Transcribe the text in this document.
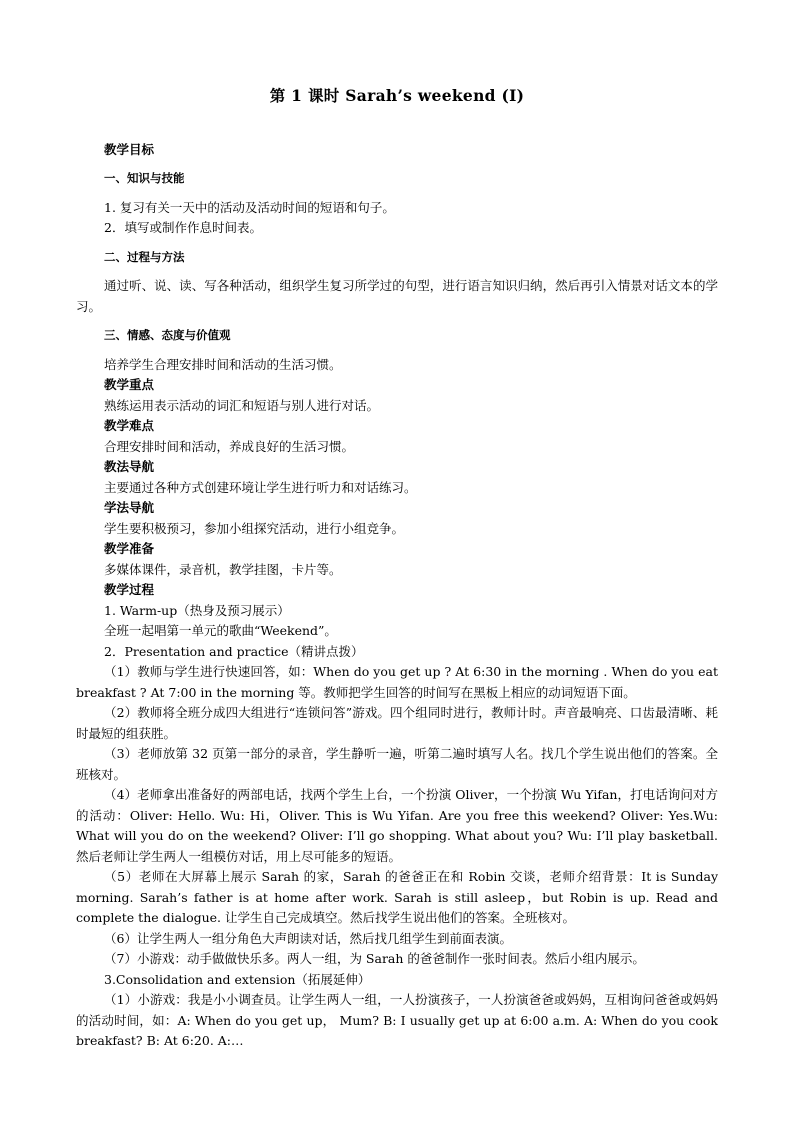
第 1 课时 Sarah’s weekend (I)
教学目标
一、知识与技能
1. 复习有关一天中的活动及活动时间的短语和句子。
2．填写或制作作息时间表。
二、过程与方法

通过听、说、读、写各种活动，组织学生复习所学过的句型，进行语言知识归纳，然后再引入情景对话文本的学习。

三、情感、态度与价值观
培养学生合理安排时间和活动的生活习惯。
教学重点
熟练运用表示活动的词汇和短语与别人进行对话。
教学难点
合理安排时间和活动，养成良好的生活习惯。
教法导航
主要通过各种方式创建环境让学生进行听力和对话练习。
学法导航
学生要积极预习，参加小组探究活动，进行小组竞争。
教学准备
多媒体课件，录音机，教学挂图，卡片等。
教学过程
1. Warm-up（热身及预习展示）
全班一起唱第一单元的歌曲“Weekend”。
2．Presentation and practice（精讲点拨）

（1）教师与学生进行快速回答，如：When do you get up ? At 6:30 in the morning . When do you eat breakfast ? At 7:00 in the morning 等。教师把学生回答的时间写在黑板上相应的动词短语下面。

（2）教师将全班分成四大组进行“连锁问答”游戏。四个组同时进行，教师计时。声音最响亮、口齿最清晰、耗时最短的组获胜。

（3）老师放第 32 页第一部分的录音，学生静听一遍，听第二遍时填写人名。找几个学生说出他们的答案。全班核对。

（4）老师拿出准备好的两部电话，找两个学生上台，一个扮演 Oliver，一个扮演 Wu Yifan，打电话询问对方的活动：Oliver: Hello. Wu: Hi，Oliver. This is Wu Yifan. Are you free this weekend? Oliver: Yes.Wu: What will you do on the weekend? Oliver: I’ll go shopping. What about you? Wu: I’ll play basketball. 然后老师让学生两人一组模仿对话，用上尽可能多的短语。

（5）老师在大屏幕上展示 Sarah 的家，Sarah 的爸爸正在和 Robin 交谈，老师介绍背景：It is Sunday morning. Sarah’s father is at home after work. Sarah is still asleep，but Robin is up. Read and complete the dialogue. 让学生自己完成填空。然后找学生说出他们的答案。全班核对。

（6）让学生两人一组分角色大声朗读对话，然后找几组学生到前面表演。

（7）小游戏：动手做做快乐多。两人一组，为 Sarah 的爸爸制作一张时间表。然后小组内展示。

3.Consolidation and extension（拓展延伸）

（1）小游戏：我是小小调查员。让学生两人一组，一人扮演孩子，一人扮演爸爸或妈妈，互相询问爸爸或妈妈的活动时间，如：A: When do you get up， Mum? B: I usually get up at 6:00 a.m. A: When do you cook breakfast? B: At 6:20. A:…
